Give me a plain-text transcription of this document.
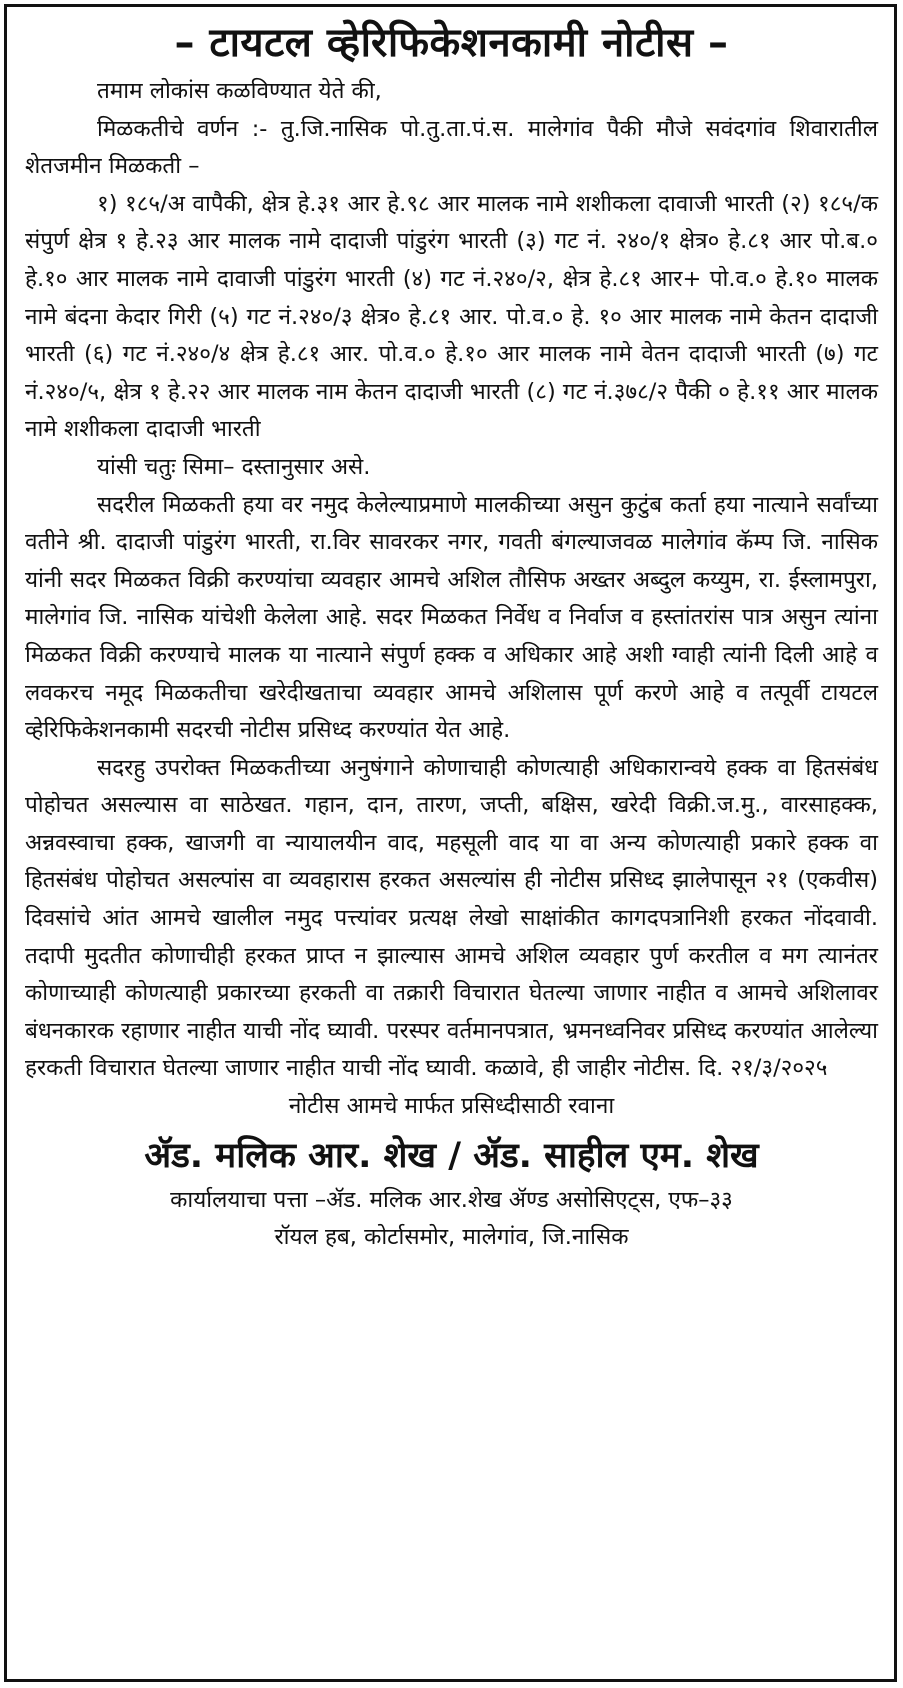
– टायटल व्हेरिफिकेशनकामी नोटीस –

तमाम लोकांस कळविण्यात येते की,

मिळकतीचे वर्णन :- तु.जि.नासिक पो.तु.ता.पं.स. मालेगांव पैकी मौजे सवंदगांव शिवारातील शेतजमीन मिळकती –

१) १८५/अ वापैकी, क्षेत्र हे.३१ आर हे.९८ आर मालक नामे शशीकला दावाजी भारती (२) १८५/क संपुर्ण क्षेत्र १ हे.२३ आर मालक नामे दादाजी पांडुरंग भारती (३) गट नं. २४०/१ क्षेत्र० हे.८१ आर पो.ब.० हे.१० आर मालक नामे दावाजी पांडुरंग भारती (४) गट नं.२४०/२, क्षेत्र हे.८१ आर+ पो.व.० हे.१० मालक नामे बंदना केदार गिरी (५) गट नं.२४०/३ क्षेत्र० हे.८१ आर. पो.व.० हे. १० आर मालक नामे केतन दादाजी भारती (६) गट नं.२४०/४ क्षेत्र हे.८१ आर. पो.व.० हे.१० आर मालक नामे वेतन दादाजी भारती (७) गट नं.२४०/५, क्षेत्र १ हे.२२ आर मालक नाम केतन दादाजी भारती (८) गट नं.३७८/२ पैकी ० हे.११ आर मालक नामे शशीकला दादाजी भारती

यांसी चतुः सिमा– दस्तानुसार असे.

सदरील मिळकती हया वर नमुद केलेल्याप्रमाणे मालकीच्या असुन कुटुंब कर्ता हया नात्याने सर्वांच्या वतीने श्री. दादाजी पांडुरंग भारती, रा.विर सावरकर नगर, गवती बंगल्याजवळ मालेगांव कॅम्प जि. नासिक यांनी सदर मिळकत विक्री करण्यांचा व्यवहार आमचे अशिल तौसिफ अख्तर अब्दुल कय्युम, रा. ईस्लामपुरा, मालेगांव जि. नासिक यांचेशी केलेला आहे. सदर मिळकत निर्वेध व निर्वाज व हस्तांतरांस पात्र असुन त्यांना मिळकत विक्री करण्याचे मालक या नात्याने संपुर्ण हक्क व अधिकार आहे अशी ग्वाही त्यांनी दिली आहे व लवकरच नमूद मिळकतीचा खरेदीखताचा व्यवहार आमचे अशिलास पूर्ण करणे आहे व तत्पूर्वी टायटल व्हेरिफिकेशनकामी सदरची नोटीस प्रसिध्द करण्यांत येत आहे.

सदरहु उपरोक्त मिळकतीच्या अनुषंगाने कोणाचाही कोणत्याही अधिकारान्वये हक्क वा हितसंबंध पोहोचत असल्यास वा साठेखत. गहान, दान, तारण, जप्ती, बक्षिस, खरेदी विक्री.ज.मु., वारसाहक्क, अन्नवस्वाचा हक्क, खाजगी वा न्यायालयीन वाद, महसूली वाद या वा अन्य कोणत्याही प्रकारे हक्क वा हितसंबंध पोहोचत असल्पांस वा व्यवहारास हरकत असल्यांस ही नोटीस प्रसिध्द झालेपासून २१ (एकवीस) दिवसांचे आंत आमचे खालील नमुद पत्त्यांवर प्रत्यक्ष लेखो साक्षांकीत कागदपत्रानिशी हरकत नोंदवावी. तदापी मुदतीत कोणाचीही हरकत प्राप्त न झाल्यास आमचे अशिल व्यवहार पुर्ण करतील व मग त्यानंतर कोणाच्याही कोणत्याही प्रकारच्या हरकती वा तक्रारी विचारात घेतल्या जाणार नाहीत व आमचे अशिलावर बंधनकारक रहाणार नाहीत याची नोंद घ्यावी. परस्पर वर्तमानपत्रात, भ्रमनध्वनिवर प्रसिध्द करण्यांत आलेल्या हरकती विचारात घेतल्या जाणार नाहीत याची नोंद घ्यावी. कळावे, ही जाहीर नोटीस. दि. २१/३/२०२५

नोटीस आमचे मार्फत प्रसिध्दीसाठी रवाना

ॲड. मलिक आर. शेख / ॲड. साहील एम. शेख

कार्यालयाचा पत्ता –ॲड. मलिक आर.शेख ॲण्ड असोसिएट्स, एफ–३३

रॉयल हब, कोर्टासमोर, मालेगांव, जि.नासिक
